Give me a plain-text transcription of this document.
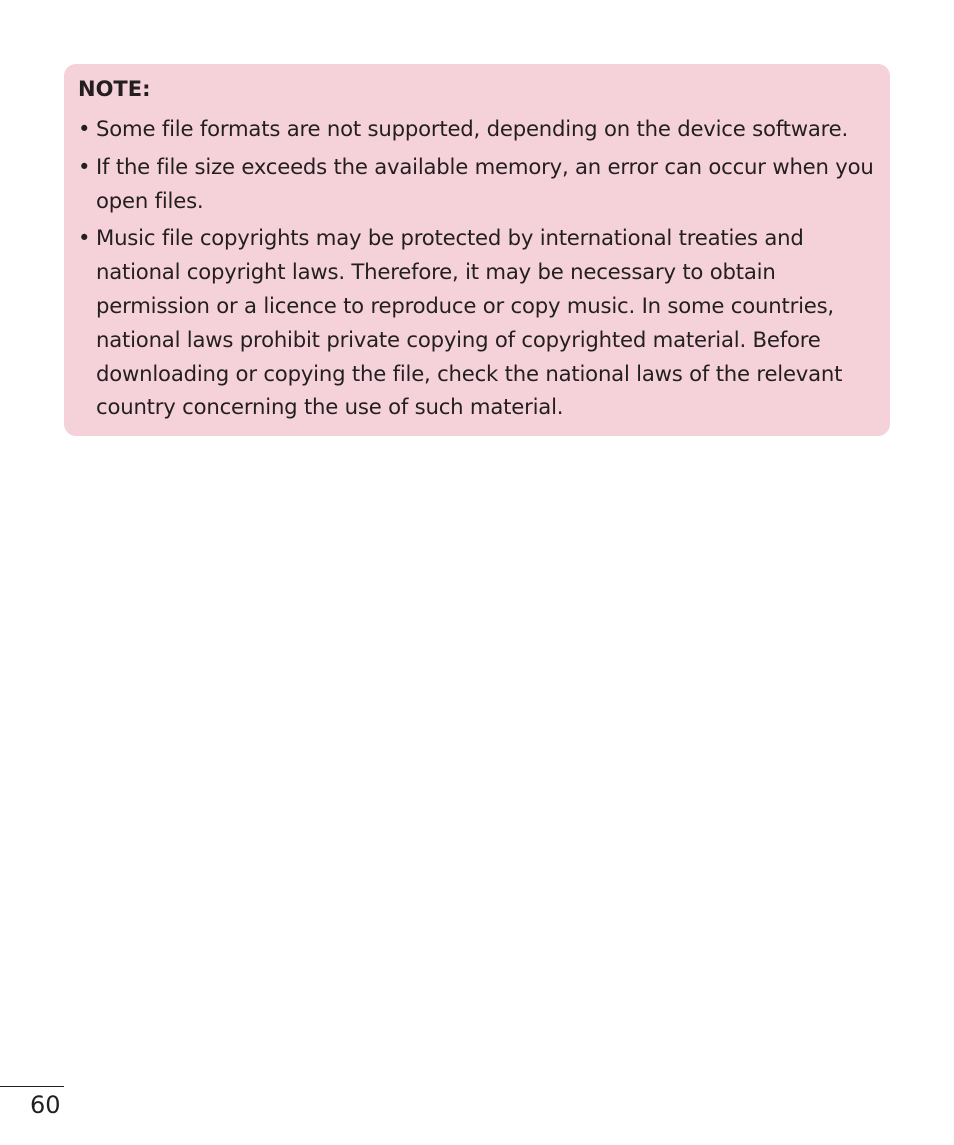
NOTE:
• Some file formats are not supported, depending on the device software.
• If the file size exceeds the available memory, an error can occur when you open files.
• Music file copyrights may be protected by international treaties and national copyright laws. Therefore, it may be necessary to obtain permission or a licence to reproduce or copy music. In some countries, national laws prohibit private copying of copyrighted material. Before downloading or copying the file, check the national laws of the relevant country concerning the use of such material.
60
